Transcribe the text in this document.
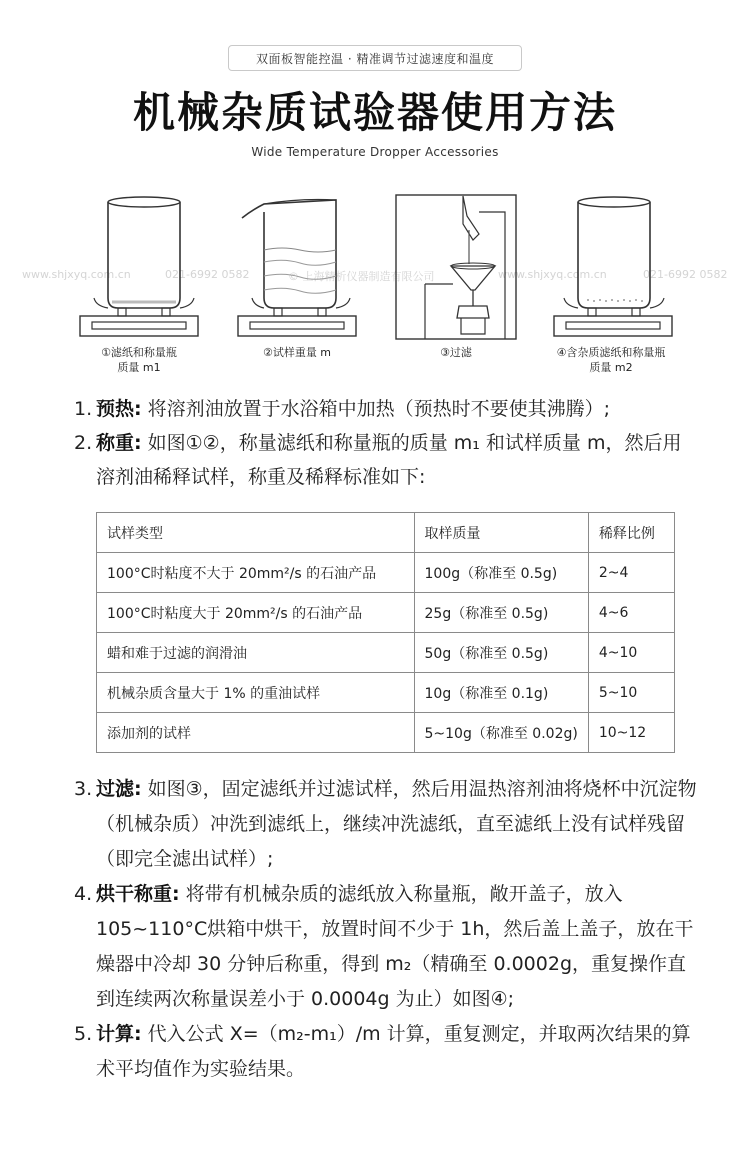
双面板智能控温 · 精准调节过滤速度和温度
机械杂质试验器使用方法
Wide Temperature Dropper Accessories
www.shjxyq.com.cn	021-6992 0582	© 上海精析仪器制造有限公司	www.shjxyq.com.cn	021-6992 0582
①滤纸和称量瓶
质量 m1
②试样重量 m	③过滤	④含杂质滤纸和称量瓶
质量 m2
1. 预热: 将溶剂油放置于水浴箱中加热（预热时不要使其沸腾）;
2. 称重: 如图①②，称量滤纸和称量瓶的质量 m₁ 和试样质量 m，然后用溶剂油稀释试样，称重及稀释标准如下:
试样类型	取样质量	稀释比例
100°C时粘度不大于 20mm²/s 的石油产品	100g（称准至 0.5g)	2~4
100°C时粘度大于 20mm²/s 的石油产品	25g（称准至 0.5g)	4~6
蜡和难于过滤的润滑油	50g（称准至 0.5g)	4~10
机械杂质含量大于 1% 的重油试样	10g（称准至 0.1g)	5~10
添加剂的试样	5~10g（称准至 0.02g)	10~12
3. 过滤: 如图③，固定滤纸并过滤试样，然后用温热溶剂油将烧杯中沉淀物（机械杂质）冲洗到滤纸上，继续冲洗滤纸，直至滤纸上没有试样残留（即完全滤出试样）;
4. 烘干称重: 将带有机械杂质的滤纸放入称量瓶，敞开盖子，放入 105~110°C烘箱中烘干，放置时间不少于 1h，然后盖上盖子，放在干燥器中冷却 30 分钟后称重，得到 m₂（精确至 0.0002g，重复操作直到连续两次称量误差小于 0.0004g 为止）如图④;
5. 计算: 代入公式 X=（m₂-m₁）/m 计算，重复测定，并取两次结果的算术平均值作为实验结果。
